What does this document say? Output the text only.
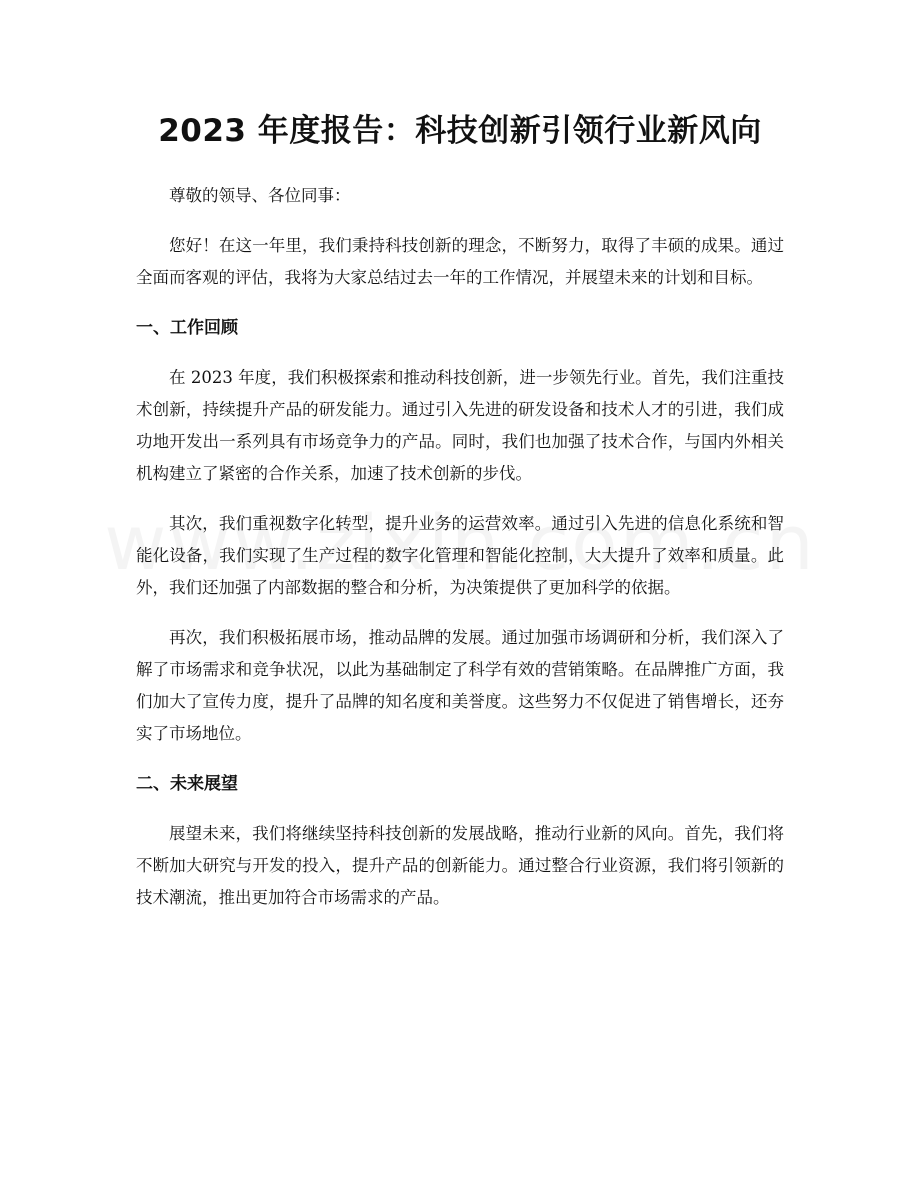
2023 年度报告：科技创新引领行业新风向

尊敬的领导、各位同事：

您好！在这一年里，我们秉持科技创新的理念，不断努力，取得了丰硕的成果。通过全面而客观的评估，我将为大家总结过去一年的工作情况，并展望未来的计划和目标。

一、工作回顾

在 2023 年度，我们积极探索和推动科技创新，进一步领先行业。首先，我们注重技术创新，持续提升产品的研发能力。通过引入先进的研发设备和技术人才的引进，我们成功地开发出一系列具有市场竞争力的产品。同时，我们也加强了技术合作，与国内外相关机构建立了紧密的合作关系，加速了技术创新的步伐。

其次，我们重视数字化转型，提升业务的运营效率。通过引入先进的信息化系统和智能化设备，我们实现了生产过程的数字化管理和智能化控制，大大提升了效率和质量。此外，我们还加强了内部数据的整合和分析，为决策提供了更加科学的依据。

再次，我们积极拓展市场，推动品牌的发展。通过加强市场调研和分析，我们深入了解了市场需求和竞争状况，以此为基础制定了科学有效的营销策略。在品牌推广方面，我们加大了宣传力度，提升了品牌的知名度和美誉度。这些努力不仅促进了销售增长，还夯实了市场地位。

二、未来展望

展望未来，我们将继续坚持科技创新的发展战略，推动行业新的风向。首先，我们将不断加大研究与开发的投入，提升产品的创新能力。通过整合行业资源，我们将引领新的技术潮流，推出更加符合市场需求的产品。
